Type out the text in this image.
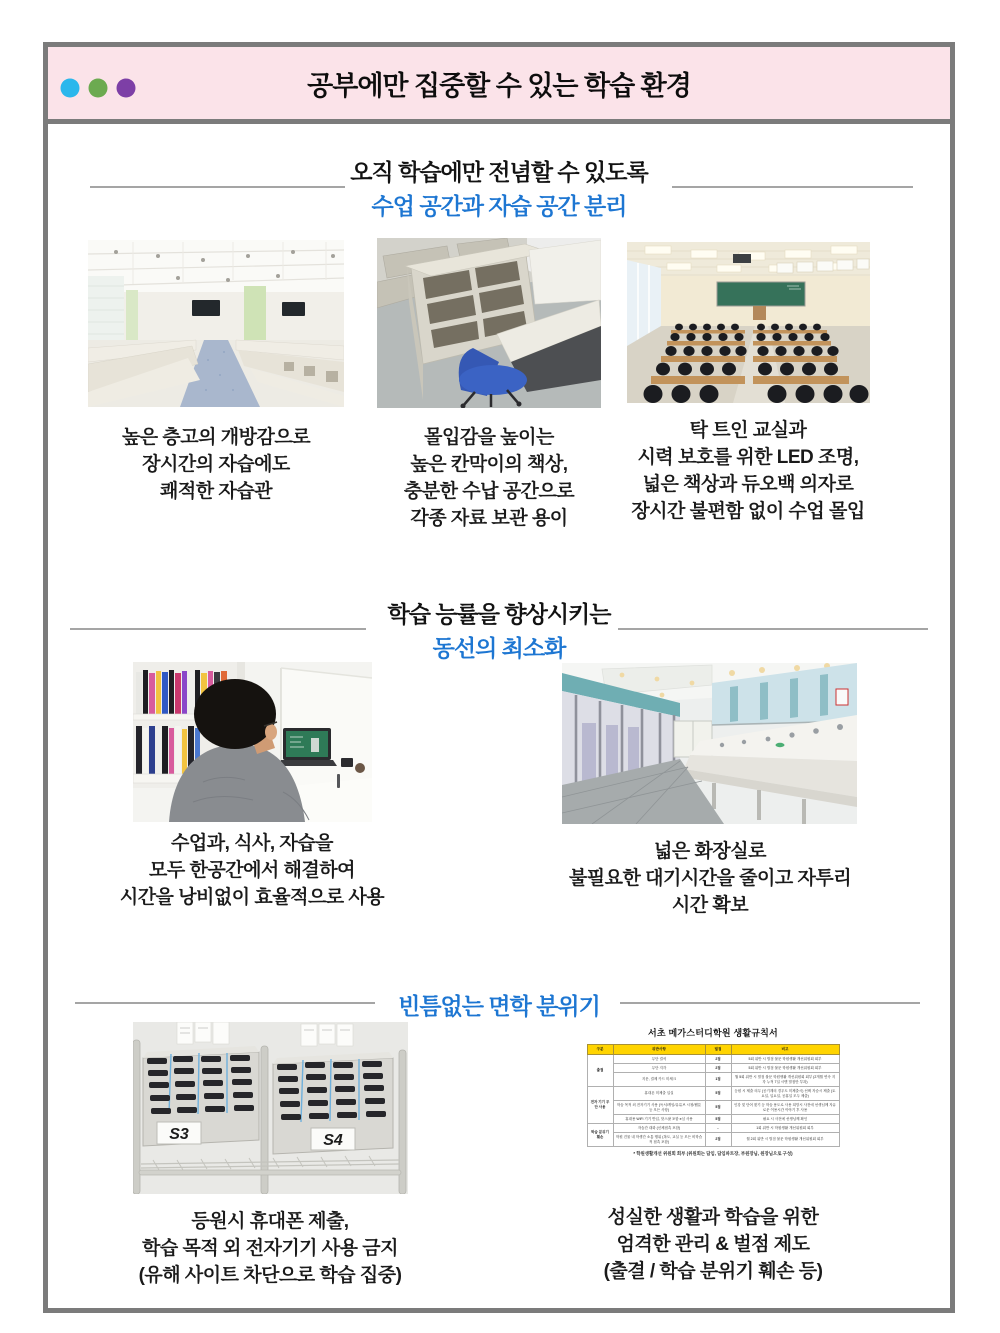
공부에만 집중할 수 있는 학습 환경
오직 학습에만 전념할 수 있도록
수업 공간과 자습 공간 분리
높은 층고의 개방감으로
장시간의 자습에도
쾌적한 자습관
몰입감을 높이는
높은 칸막이의 책상,
충분한 수납 공간으로
각종 자료 보관 용이
탁 트인 교실과
시력 보호를 위한 LED 조명,
넓은 책상과 듀오백 의자로
장시간 불편함 없이 수업 몰입
학습 능률을 향상시키는
동선의 최소화
수업과, 식사, 자습을
모두 한공간에서 해결하여
시간을 낭비없이 효율적으로 사용
넓은 화장실로
불필요한 대기시간을 줄이고 자투리 시간 확보
빈틈없는 면학 분위기
S3	S4
서초 메가스터디학원 생활규칙서
구분	위반사항	벌점	비고
출결	무단 결석	2점	5회 위반 시 벌점 불문 학원생활 개선위원회 회부
	무단 지각	2점	5회 위반 시 벌점 불문 학원생활 개선위원회 회부
	지문, 결제 카드 미체크	1점	월 5회 위반 시 벌점 불문 학원생활 개선위원회 회부 (2개월 연속 지각 누적 7일 시엔 벌점만 부과)
전자 기기 무단 사용	휴대폰 미제출 입실	5점	등원 시 제출 의무 (공기계의 경우도 미제출시) 선택 자습시 제출 (토요일, 일요일, 공휴일 모두 제출)
	학습 목적 외 전자기기 사용 (독서/게임/유튜브 시청/웹툰 등 모든 사항)	5점	인강 및 단어 찾기 등 학습 용도로 사용 희망시 사전에 선생님께 자유로운 이용시간 이야기 후 사용
	휴대용 WiFi 기기 반입, 핫스팟 포함 e심 사용	5점	필요 시 사전에 선생님께 확인
학습 분위기 훼손	자습간 대화 (신체접촉 포함)	-	1회 위반 시 학원생활 개선위원회 회부
	학원 건물 내 학생간 소통 행위 (복도, 교실 등 모든 비학습적 접촉 포함)	2점	월 2회 위반 시 벌점 불문 학원생활 개선위원회 회부
* 학원생활개선 위원회 회부 (위원회는 담임, 담임파트장, 부원장님, 원장님으로 구성)
등원시 휴대폰 제출,
학습 목적 외 전자기기 사용 금지
(유해 사이트 차단으로 학습 집중)
성실한 생활과 학습을 위한
엄격한 관리 & 벌점 제도
(출결 / 학습 분위기 훼손 등)
